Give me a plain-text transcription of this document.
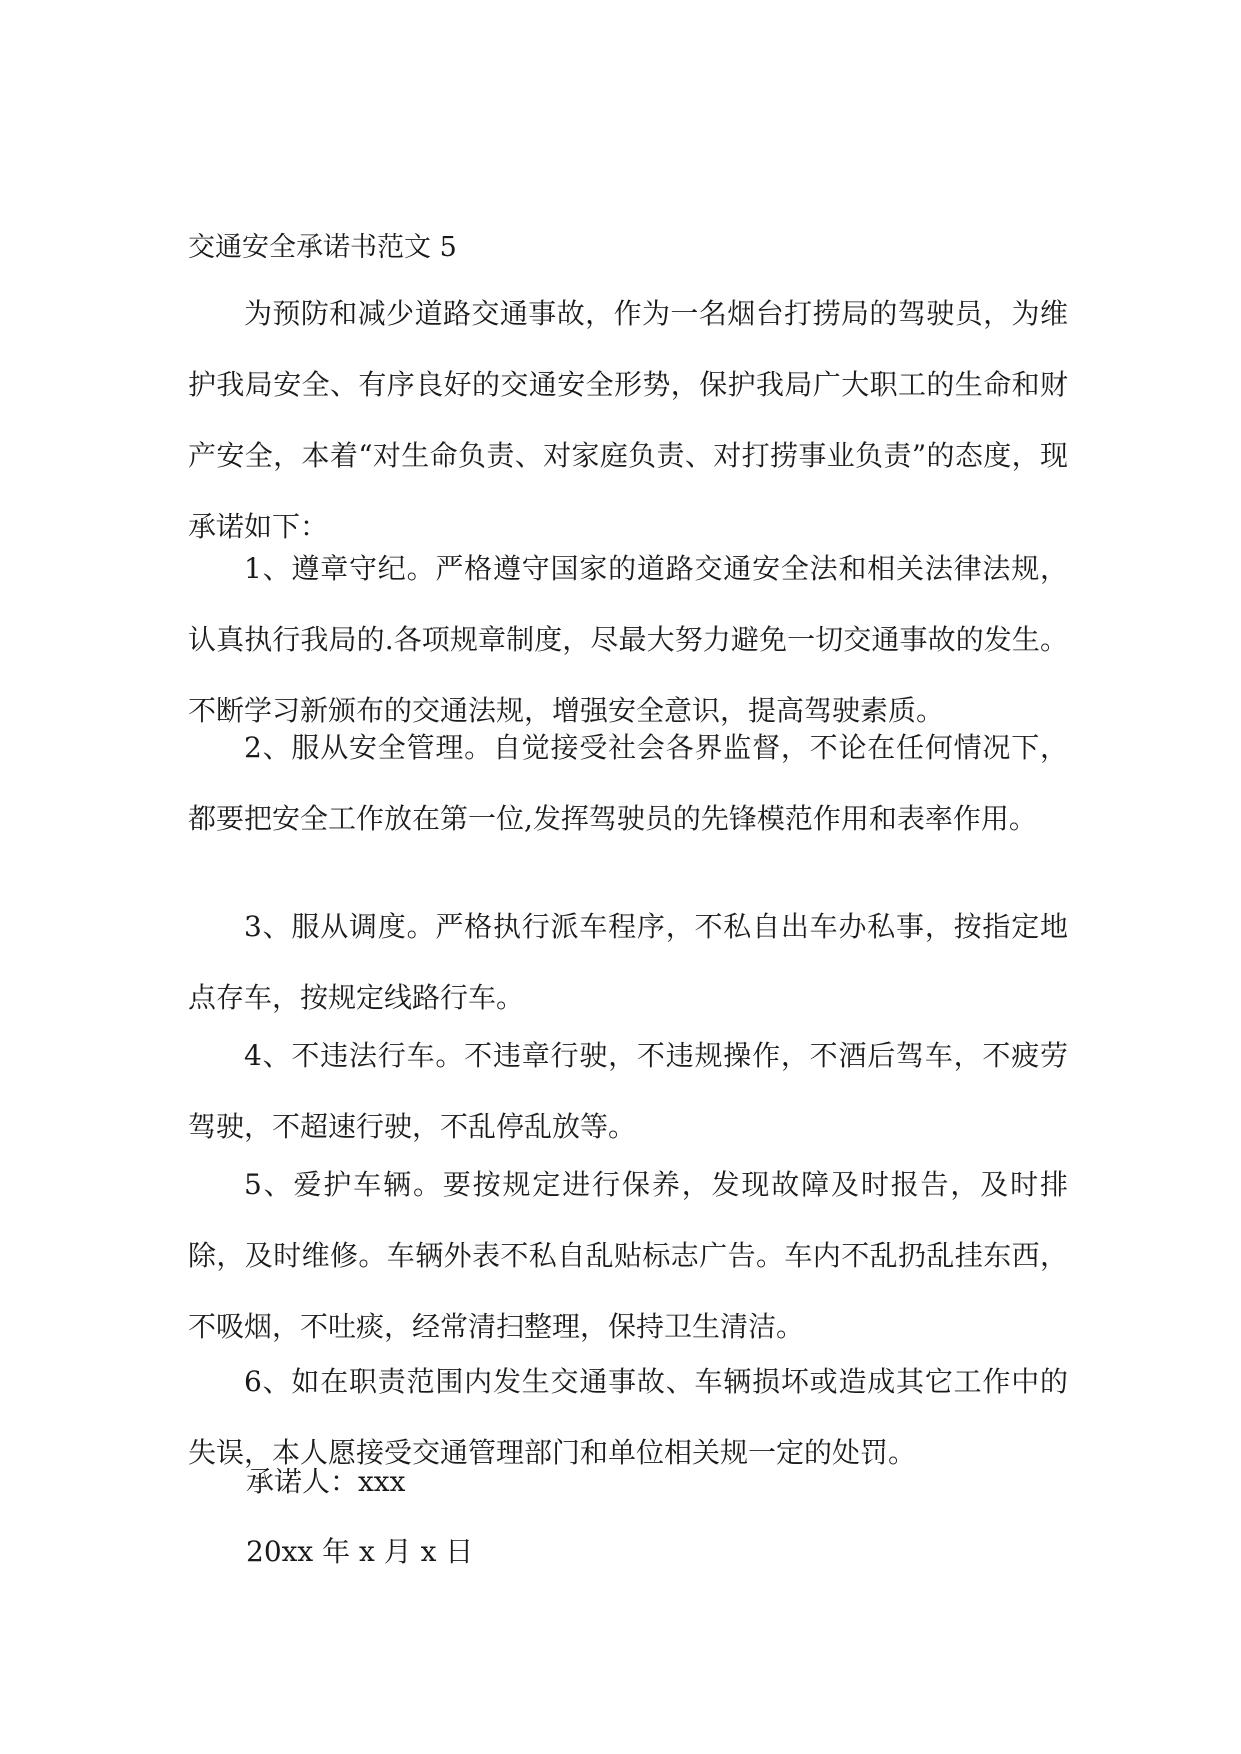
交通安全承诺书范文 5

为预防和减少道路交通事故，作为一名烟台打捞局的驾驶员，为维护我局安全、有序良好的交通安全形势，保护我局广大职工的生命和财产安全，本着“对生命负责、对家庭负责、对打捞事业负责”的态度，现承诺如下：

1、遵章守纪。严格遵守国家的道路交通安全法和相关法律法规，认真执行我局的.各项规章制度，尽最大努力避免一切交通事故的发生。不断学习新颁布的交通法规，增强安全意识，提高驾驶素质。

2、服从安全管理。自觉接受社会各界监督，不论在任何情况下，都要把安全工作放在第一位,发挥驾驶员的先锋模范作用和表率作用。

3、服从调度。严格执行派车程序，不私自出车办私事，按指定地点存车，按规定线路行车。

4、不违法行车。不违章行驶，不违规操作，不酒后驾车，不疲劳驾驶，不超速行驶，不乱停乱放等。

5、爱护车辆。要按规定进行保养，发现故障及时报告，及时排除，及时维修。车辆外表不私自乱贴标志广告。车内不乱扔乱挂东西，不吸烟，不吐痰，经常清扫整理，保持卫生清洁。

6、如在职责范围内发生交通事故、车辆损坏或造成其它工作中的失误，本人愿接受交通管理部门和单位相关规一定的处罚。

承诺人：xxx
20xx 年 x 月 x 日
